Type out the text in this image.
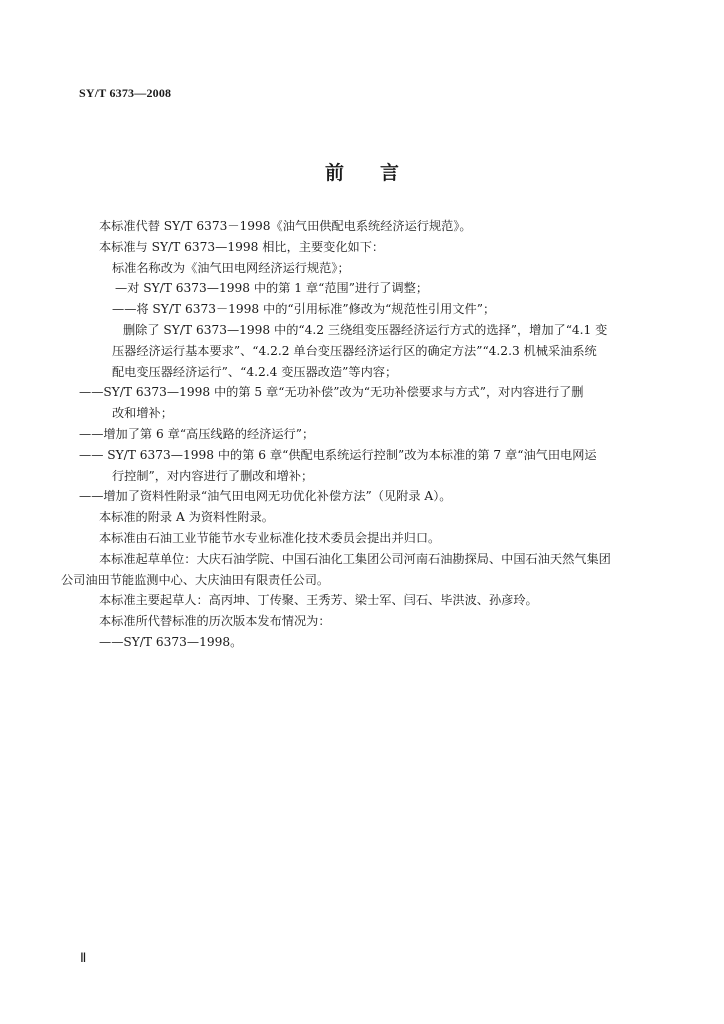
SY/T 6373—2008
前 言
本标准代替 SY/T 6373－1998《油气田供配电系统经济运行规范》。
本标准与 SY/T 6373—1998 相比，主要变化如下：
标准名称改为《油气田电网经济运行规范》；
—对 SY/T 6373—1998 中的第 1 章“范围”进行了调整；
——将 SY/T 6373－1998 中的“引用标准”修改为“规范性引用文件”；
删除了 SY/T 6373—1998 中的“4.2 三绕组变压器经济运行方式的选择”，增加了“4.1 变
压器经济运行基本要求”、“4.2.2 单台变压器经济运行区的确定方法”“4.2.3 机械采油系统
配电变压器经济运行”、“4.2.4 变压器改造”等内容；
——SY/T 6373—1998 中的第 5 章“无功补偿”改为“无功补偿要求与方式”，对内容进行了删
改和增补；
——增加了第 6 章“高压线路的经济运行”；
—— SY/T 6373—1998 中的第 6 章“供配电系统运行控制”改为本标准的第 7 章“油气田电网运
行控制”，对内容进行了删改和增补；
——增加了资料性附录“油气田电网无功优化补偿方法”（见附录 A）。
本标准的附录 A 为资料性附录。
本标准由石油工业节能节水专业标准化技术委员会提出并归口。
本标准起草单位：大庆石油学院、中国石油化工集团公司河南石油勘探局、中国石油天然气集团
公司油田节能监测中心、大庆油田有限责任公司。
本标准主要起草人：高丙坤、丁传聚、王秀芳、梁士军、闫石、毕洪波、孙彦玲。
本标准所代替标准的历次版本发布情况为：
——SY/T 6373—1998。
Ⅱ
